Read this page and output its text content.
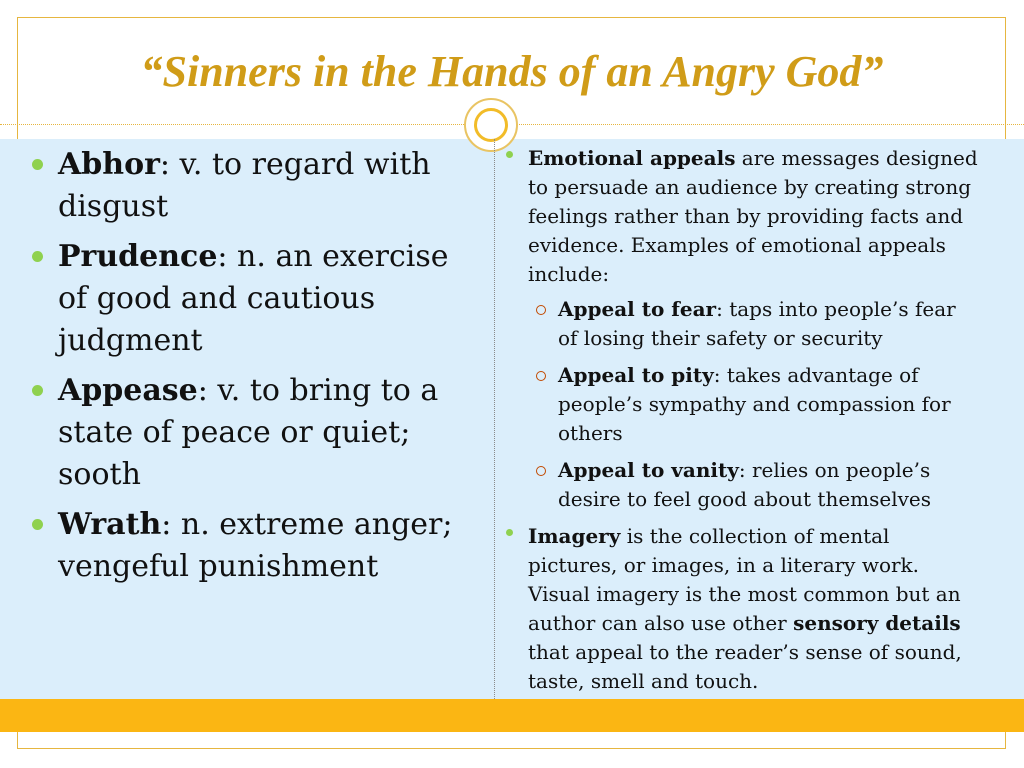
“Sinners in the Hands of an Angry God”
Abhor: v. to regard with disgust
Prudence: n. an exercise of good and cautious judgment
Appease: v. to bring to a state of peace or quiet; sooth
Wrath: n. extreme anger; vengeful punishment
Emotional appeals are messages designed to persuade an audience by creating strong feelings rather than by providing facts and evidence. Examples of emotional appeals include:
Appeal to fear: taps into people’s fear of losing their safety or security
Appeal to pity: takes advantage of people’s sympathy and compassion for others
Appeal to vanity: relies on people’s desire to feel good about themselves
Imagery is the collection of mental pictures, or images, in a literary work. Visual imagery is the most common but an author can also use other sensory details that appeal to the reader’s sense of sound, taste, smell and touch.
